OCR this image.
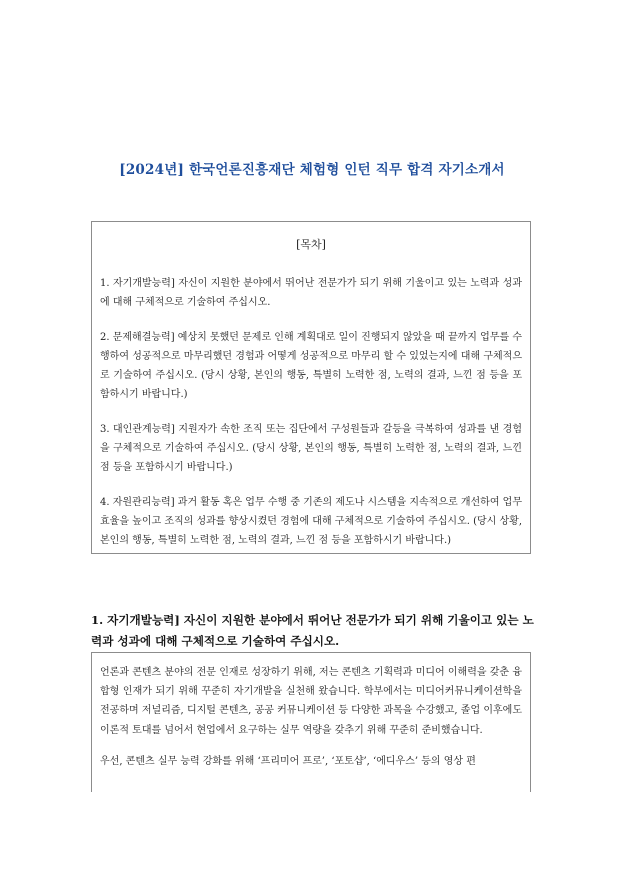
[2024년] 한국언론진흥재단 체험형 인턴 직무 합격 자기소개서
[목차]

1. 자기개발능력] 자신이 지원한 분야에서 뛰어난 전문가가 되기 위해 기울이고 있는 노력과 성과에 대해 구체적으로 기술하여 주십시오.

2. 문제해결능력] 예상치 못했던 문제로 인해 계획대로 일이 진행되지 않았을 때 끝까지 업무를 수행하여 성공적으로 마무리했던 경험과 어떻게 성공적으로 마무리 할 수 있었는지에 대해 구체적으로 기술하여 주십시오. (당시 상황, 본인의 행동, 특별히 노력한 점, 노력의 결과, 느낀 점 등을 포함하시기 바랍니다.)

3. 대인관계능력] 지원자가 속한 조직 또는 집단에서 구성원들과 갈등을 극복하여 성과를 낸 경험을 구체적으로 기술하여 주십시오. (당시 상황, 본인의 행동, 특별히 노력한 점, 노력의 결과, 느낀 점 등을 포함하시기 바랍니다.)

4. 자원관리능력] 과거 활동 혹은 업무 수행 중 기존의 제도나 시스템을 지속적으로 개선하여 업무 효율을 높이고 조직의 성과를 향상시켰던 경험에 대해 구체적으로 기술하여 주십시오. (당시 상황, 본인의 행동, 특별히 노력한 점, 노력의 결과, 느낀 점 등을 포함하시기 바랍니다.)

1. 자기개발능력] 자신이 지원한 분야에서 뛰어난 전문가가 되기 위해 기울이고 있는 노력과 성과에 대해 구체적으로 기술하여 주십시오.

언론과 콘텐츠 분야의 전문 인재로 성장하기 위해, 저는 콘텐츠 기획력과 미디어 이해력을 갖춘 융합형 인재가 되기 위해 꾸준히 자기개발을 실천해 왔습니다. 학부에서는 미디어커뮤니케이션학을 전공하며 저널리즘, 디지털 콘텐츠, 공공 커뮤니케이션 등 다양한 과목을 수강했고, 졸업 이후에도 이론적 토대를 넘어서 현업에서 요구하는 실무 역량을 갖추기 위해 꾸준히 준비했습니다.

우선, 콘텐츠 실무 능력 강화를 위해 ‘프리미어 프로’, ‘포토샵’, ‘에디우스’ 등의 영상 편
